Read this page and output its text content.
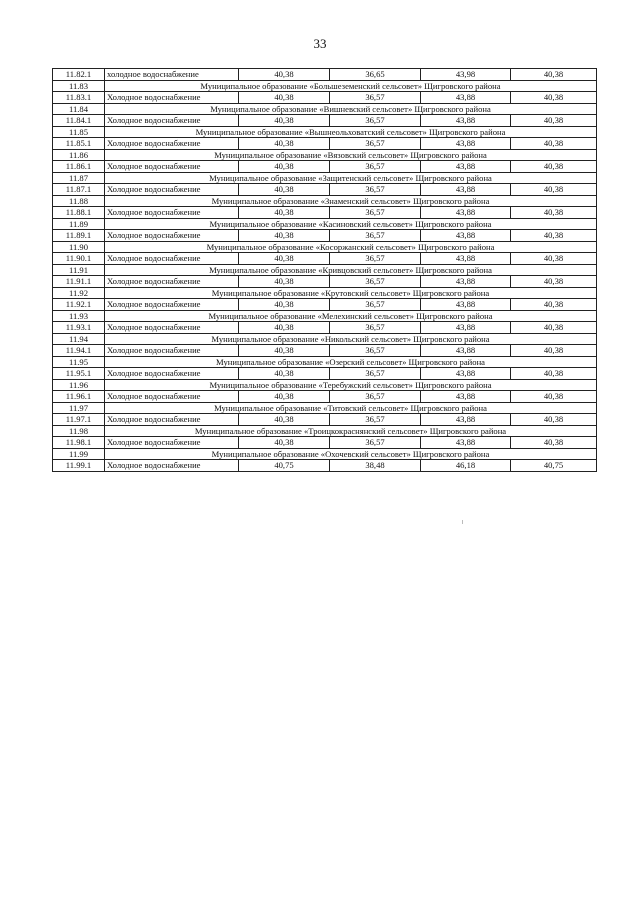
33
11.82.1	холодное водоснабжение	40,38	36,65	43,98	40,38
11.83	Муниципальное образование «Большеземенский сельсовет» Щигровского района				
11.83.1	Холодное водоснабжение	40,38	36,57	43,88	40,38
11.84	Муниципальное образование «Вишневский сельсовет» Щигровского района				
11.84.1	Холодное водоснабжение	40,38	36,57	43,88	40,38
11.85	Муниципальное образование «Вышнеольховатский сельсовет» Щигровского района				
11.85.1	Холодное водоснабжение	40,38	36,57	43,88	40,38
11.86	Муниципальное образование «Вязовский сельсовет» Щигровского района				
11.86.1	Холодное водоснабжение	40,38	36,57	43,88	40,38
11.87	Муниципальное образование «Защитенский сельсовет» Щигровского района				
11.87.1	Холодное водоснабжение	40,38	36,57	43,88	40,38
11.88	Муниципальное образование «Знаменский сельсовет» Щигровского района				
11.88.1	Холодное водоснабжение	40,38	36,57	43,88	40,38
11.89	Муниципальное образование «Касиновский сельсовет» Щигровского района				
11.89.1	Холодное водоснабжение	40,38	36,57	43,88	40,38
11.90	Муниципальное образование «Косоржанский сельсовет» Щигровского района				
11.90.1	Холодное водоснабжение	40,38	36,57	43,88	40,38
11.91	Муниципальное образование «Кривцовский сельсовет» Щигровского района				
11.91.1	Холодное водоснабжение	40,38	36,57	43,88	40,38
11.92	Муниципальное образование «Крутовский сельсовет» Щигровского района				
11.92.1	Холодное водоснабжение	40,38	36,57	43,88	40,38
11.93	Муниципальное образование «Мелехинский сельсовет» Щигровского района				
11.93.1	Холодное водоснабжение	40,38	36,57	43,88	40,38
11.94	Муниципальное образование «Никольский сельсовет» Щигровского района				
11.94.1	Холодное водоснабжение	40,38	36,57	43,88	40,38
11.95	Муниципальное образование «Озерский сельсовет» Щигровского района				
11.95.1	Холодное водоснабжение	40,38	36,57	43,88	40,38
11.96	Муниципальное образование «Теребужский сельсовет» Щигровского района				
11.96.1	Холодное водоснабжение	40,38	36,57	43,88	40,38
11.97	Муниципальное образование «Титовский сельсовет» Щигровского района				
11.97.1	Холодное водоснабжение	40,38	36,57	43,88	40,38
11.98	Муниципальное образование «Троицкокраснянский сельсовет» Щигровского района				
11.98.1	Холодное водоснабжение	40,38	36,57	43,88	40,38
11.99	Муниципальное образование «Охочевский сельсовет» Щигровского района				
11.99.1	Холодное водоснабжение	40,75	38,48	46,18	40,75
